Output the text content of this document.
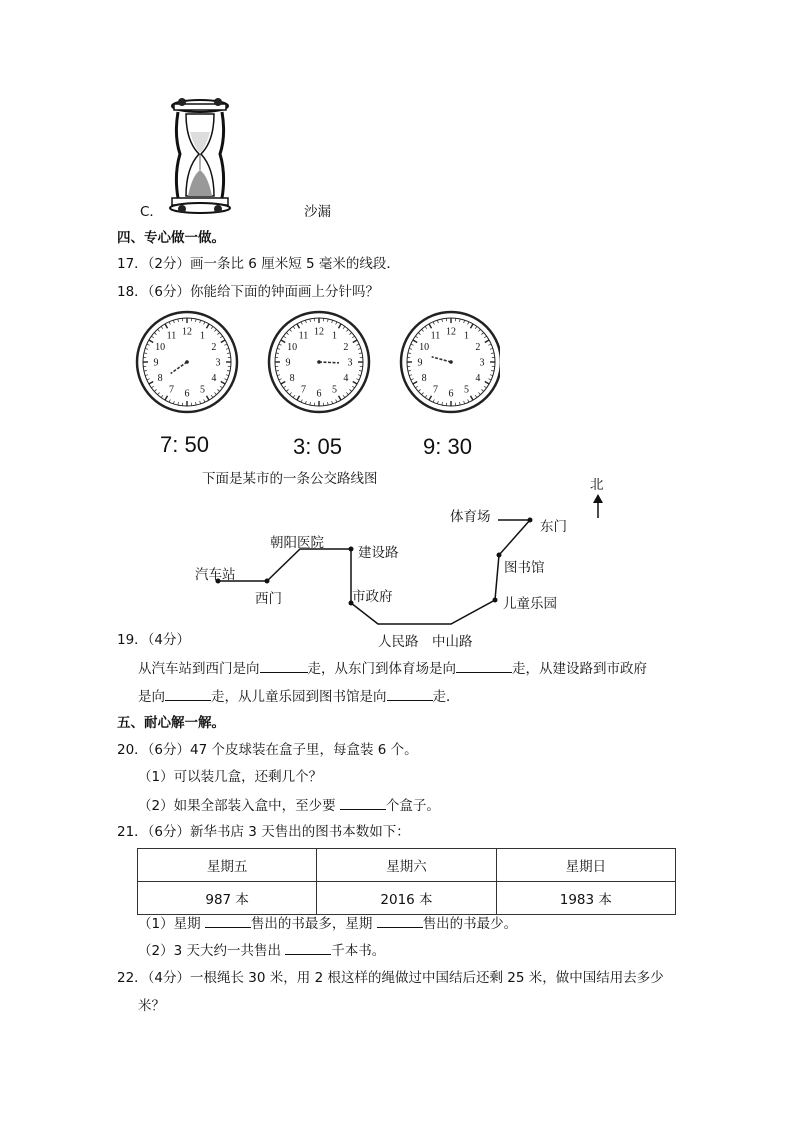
C．	沙漏
四、专心做一做。
17．（2分）画一条比 6 厘米短 5 毫米的线段．
18．（6分）你能给下面的钟面画上分针吗？
12 1
2
3
4
5
6
7
8
9
10
11	12 1
2
3
4
5
6
7
8
9
10
11	12 1
2
3
4
5
6
7
8
9
10
11
7: 50	3: 05	9: 30
下面是某市的一条公交路线图	北
汽车站
西门
朝阳医院
建设路
市政府
人民路 中山路
儿童乐园
图书馆
东门
体育场
19．（4分）
从汽车站到西门是向	走，从东门到体育场是向	走，从建设路到市政府
是向	走，从儿童乐园到图书馆是向	走．
五、耐心解一解。
20．（6分）47 个皮球装在盒子里，每盒装 6 个。
（1）可以装几盒，还剩几个？
（2）如果全部装入盒中，至少要	个盒子。
21．（6分）新华书店 3 天售出的图书本数如下：
星期五	星期六	星期日
987 本	2016 本	1983 本
（1）星期	售出的书最多，星期	售出的书最少。
（2）3 天大约一共售出	千本书。
22．（4分）一根绳长 30 米，用 2 根这样的绳做过中国结后还剩 25 米，做中国结用去多少
米？
